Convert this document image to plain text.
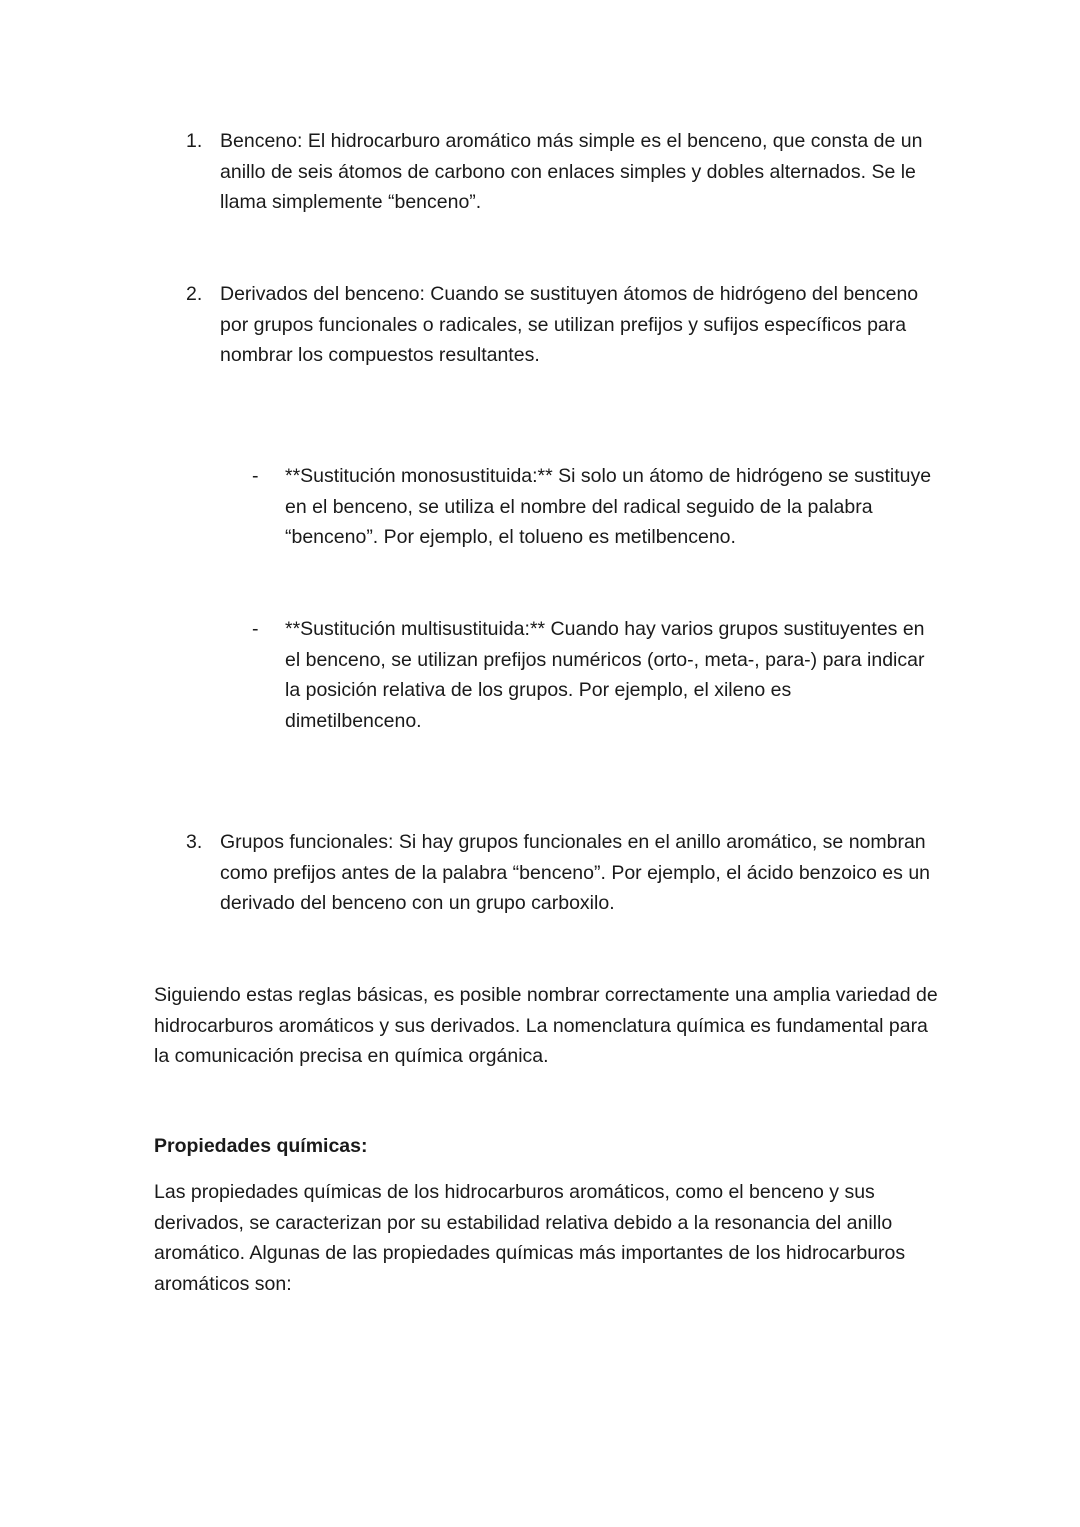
1. Benceno: El hidrocarburo aromático más simple es el benceno, que consta de un anillo de seis átomos de carbono con enlaces simples y dobles alternados. Se le llama simplemente “benceno”.
2. Derivados del benceno: Cuando se sustituyen átomos de hidrógeno del benceno por grupos funcionales o radicales, se utilizan prefijos y sufijos específicos para nombrar los compuestos resultantes.
-	**Sustitución monosustituida:** Si solo un átomo de hidrógeno se sustituye en el benceno, se utiliza el nombre del radical seguido de la palabra “benceno”. Por ejemplo, el tolueno es metilbenceno.
-	**Sustitución multisustituida:** Cuando hay varios grupos sustituyentes en el benceno, se utilizan prefijos numéricos (orto-, meta-, para-) para indicar la posición relativa de los grupos. Por ejemplo, el xileno es dimetilbenceno.
3. Grupos funcionales: Si hay grupos funcionales en el anillo aromático, se nombran como prefijos antes de la palabra “benceno”. Por ejemplo, el ácido benzoico es un derivado del benceno con un grupo carboxilo.

Siguiendo estas reglas básicas, es posible nombrar correctamente una amplia variedad de hidrocarburos aromáticos y sus derivados. La nomenclatura química es fundamental para la comunicación precisa en química orgánica.

Propiedades químicas:

Las propiedades químicas de los hidrocarburos aromáticos, como el benceno y sus derivados, se caracterizan por su estabilidad relativa debido a la resonancia del anillo aromático. Algunas de las propiedades químicas más importantes de los hidrocarburos aromáticos son:
